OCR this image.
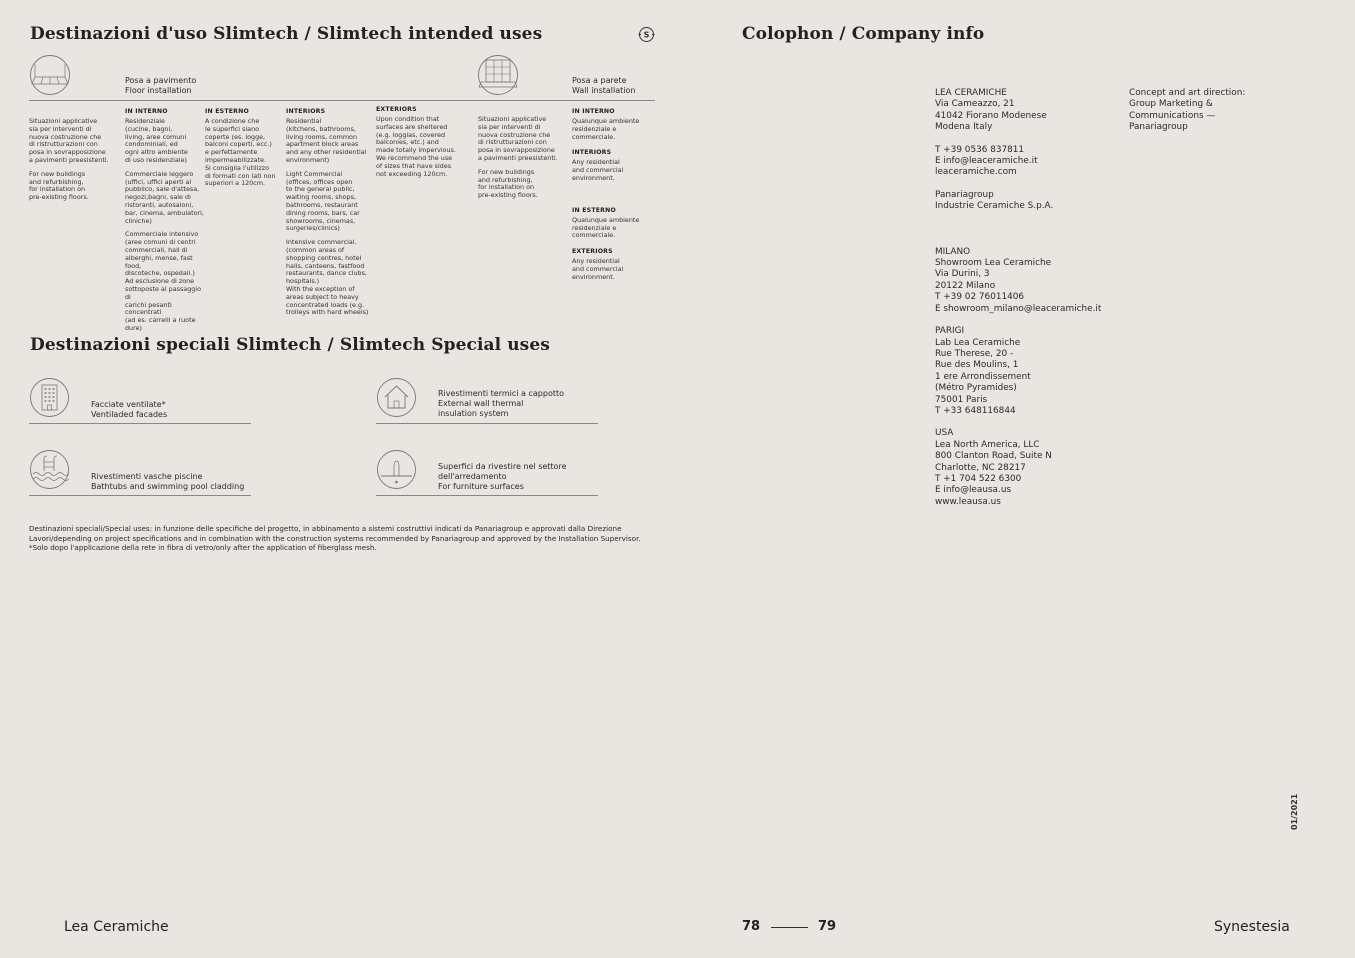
Destinazioni d'uso Slimtech / Slimtech intended uses	S
Posa a pavimento
Floor installation
Posa a parete
Wall installation
Situazioni applicative
sia per interventi di
nuova costruzione che
di ristrutturazioni con
posa in sovrapposizione
a pavimenti preesistenti.
For new buildings
and refurbishing,
for installation on
pre-existing floors.
IN INTERNO
Residenziale
(cucine, bagni,
living, aree comuni
condominiali, ed
ogni altro ambiente
di uso residenziale)
Commerciale leggero
(uffici, uffici aperti al
pubblico, sale d'attesa,
negozi,bagni, sale di
ristoranti, autosaloni,
bar, cinema, ambulatori,
cliniche)
Commerciale intensivo
(aree comuni di centri
commerciali, hall di
alberghi, mense, fast food,
discoteche, ospedali.)
Ad esclusione di zone
sottoposte al passaggio di
carichi pesanti concentrati
(ad es. carrelli a ruote dure)
IN ESTERNO
A condizione che
le superfici siano
coperte (es. logge,
balconi coperti, ecc.)
e perfettamente
impermeabilizzate.
Si consiglia l'utilizzo
di formati con lati non
superiori a 120cm.
INTERIORS
Residential
(kitchens, bathrooms,
living rooms, common
apartment block areas
and any other residential
environment)
Light Commercial
(offices, offices open
to the general public,
waiting rooms, shops,
bathrooms, restaurant
dining rooms, bars, car
showrooms, cinemas,
surgeries/clinics)
Intensive commercial.
(common areas of
shopping centres, hotel
halls, canteens, fastfood
restaurants, dance clubs,
hospitals.)
With the exception of
areas subject to heavy
concentrated loads (e.g.
trolleys with hard wheels)
EXTERIORS
Upon condition that
surfaces are sheltered
(e.g. loggias, covered
balconies, etc.) and
made totally impervious.
We recommend the use
of sizes that have sides
not exceeding 120cm.
Situazioni applicative
sia per interventi di
nuova costruzione che
di ristrutturazioni con
posa in sovrapposizione
a pavimenti preesistenti.
For new buildings
and refurbishing,
for installation on
pre-existing floors.
IN INTERNO
Qualunque ambiente
residenziale e
commerciale.
INTERIORS
Any residential
and commercial
environment.
IN ESTERNO
Qualunque ambiente
residenziale e
commerciale.
EXTERIORS
Any residential
and commercial
environment.
Destinazioni speciali Slimtech / Slimtech Special uses
Facciate ventilate*
Ventiladed facades
Rivestimenti termici a cappotto
External wall thermal
insulation system
Rivestimenti vasche piscine
Bathtubs and swimming pool cladding
Superfici da rivestire nel settore
dell'arredamento
For furniture surfaces
Destinazioni speciali/Special uses: in funzione delle specifiche del progetto, in abbinamento a sistemi costruttivi indicati da Panariagroup e approvati dalla Direzione Lavori/depending on project specifications and in combination with the construction systems recommended by Panariagroup and approved by the Installation Supervisor. *Solo dopo l'applicazione della rete in fibra di vetro/only after the application of fiberglass mesh.
Colophon / Company info
LEA CERAMICHE
Via Cameazzo, 21
41042 Fiorano Modenese
Modena Italy
T +39 0536 837811
E info@leaceramiche.it
leaceramiche.com
Panariagroup
Industrie Ceramiche S.p.A.
MILANO
Showroom Lea Ceramiche
Via Durini, 3
20122 Milano
T +39 02 76011406
E showroom_milano@leaceramiche.it
PARIGI
Lab Lea Ceramiche
Rue Therese, 20 -
Rue des Moulins, 1
1 ere Arrondissement
(Métro Pyramides)
75001 Paris
T +33 648116844
USA
Lea North America, LLC
800 Clanton Road, Suite N
Charlotte, NC 28217
T +1 704 522 6300
E info@leausa.us
www.leausa.us
Concept and art direction:
Group Marketing &
Communications —
Panariagroup
01/2021
Lea Ceramiche	78	79	Synestesia
